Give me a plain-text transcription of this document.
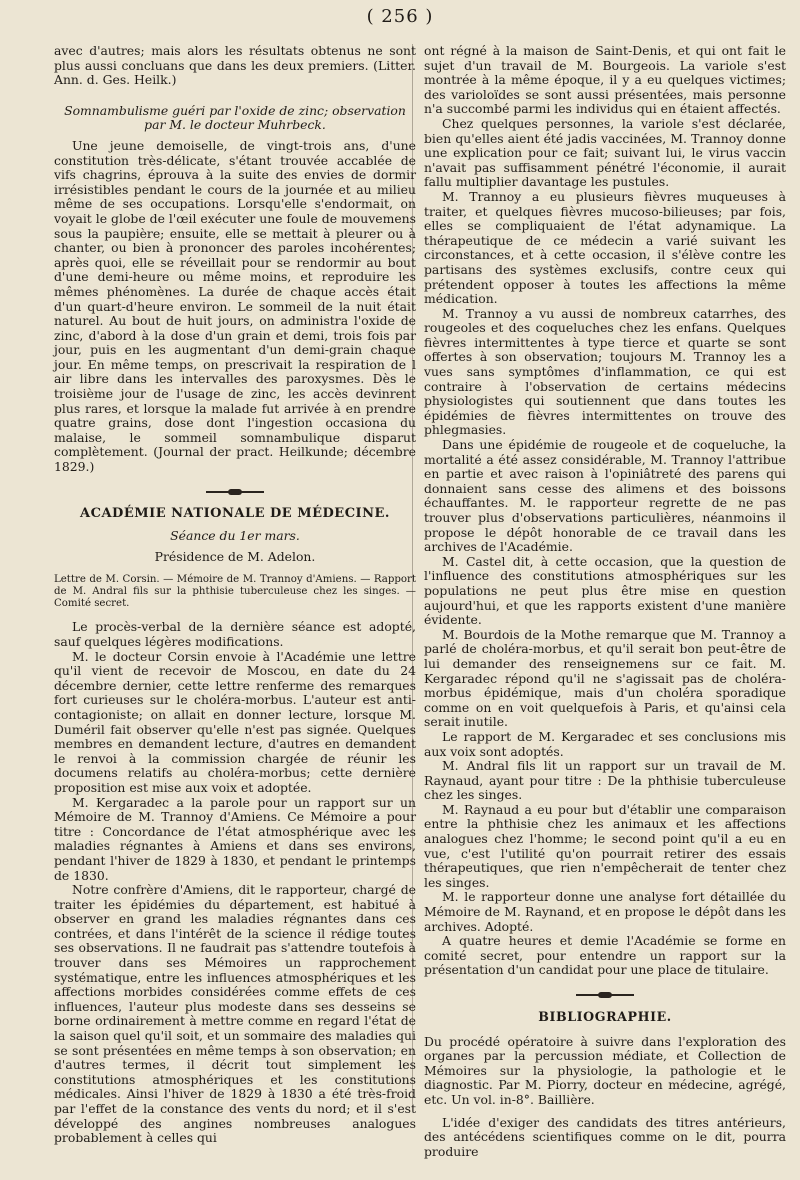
( 256 )

avec d'autres; mais alors les résultats obtenus ne sont plus aussi concluans que dans les deux premiers. (Litter. Ann. d. Ges. Heilk.)

Somnambulisme guéri par l'oxide de zinc; observation par M. le docteur Muhrbeck.

Une jeune demoiselle, de vingt-trois ans, d'une constitution très-délicate, s'étant trouvée accablée de vifs chagrins, éprouva à la suite des envies de dormir irrésistibles pendant le cours de la journée et au milieu même de ses occupations. Lorsqu'elle s'endormait, on voyait le globe de l'œil exécuter une foule de mouvemens sous la paupière; ensuite, elle se mettait à pleurer ou à chanter, ou bien à prononcer des paroles incohérentes; après quoi, elle se réveillait pour se rendormir au bout d'une demi-heure ou même moins, et reproduire les mêmes phénomènes. La durée de chaque accès était d'un quart-d'heure environ. Le sommeil de la nuit était naturel. Au bout de huit jours, on administra l'oxide de zinc, d'abord à la dose d'un grain et demi, trois fois par jour, puis en les augmentant d'un demi-grain chaque jour. En même temps, on prescrivait la respiration de l air libre dans les intervalles des paroxysmes. Dès le troisième jour de l'usage de zinc, les accès devinrent plus rares, et lorsque la malade fut arrivée à en prendre quatre grains, dose dont l'ingestion occasiona du malaise, le sommeil somnambulique disparut complètement. (Journal der pract. Heilkunde; décembre 1829.)

ACADÉMIE NATIONALE DE MÉDECINE.

Séance du 1er mars.

Présidence de M. Adelon.

Lettre de M. Corsin. — Mémoire de M. Trannoy d'Amiens. — Rapport de M. Andral fils sur la phthisie tuberculeuse chez les singes. — Comité secret.

Le procès-verbal de la dernière séance est adopté, sauf quelques légères modifications.

M. le docteur Corsin envoie à l'Académie une lettre qu'il vient de recevoir de Moscou, en date du 24 décembre dernier, cette lettre renferme des remarques fort curieuses sur le choléra-morbus. L'auteur est anti-contagioniste; on allait en donner lecture, lorsque M. Duméril fait observer qu'elle n'est pas signée. Quelques membres en demandent lecture, d'autres en demandent le renvoi à la commission chargée de réunir les documens relatifs au choléra-morbus; cette dernière proposition est mise aux voix et adoptée.

M. Kergaradec a la parole pour un rapport sur un Mémoire de M. Trannoy d'Amiens. Ce Mémoire a pour titre : Concordance de l'état atmosphérique avec les maladies régnantes à Amiens et dans ses environs, pendant l'hiver de 1829 à 1830, et pendant le printemps de 1830.

Notre confrère d'Amiens, dit le rapporteur, chargé de traiter les épidémies du département, est habitué à observer en grand les maladies régnantes dans ces contrées, et dans l'intérêt de la science il rédige toutes ses observations. Il ne faudrait pas s'attendre toutefois à trouver dans ses Mémoires un rapprochement systématique, entre les influences atmosphériques et les affections morbides considérées comme effets de ces influences, l'auteur plus modeste dans ses desseins se borne ordinairement à mettre comme en regard l'état de la saison quel qu'il soit, et un sommaire des maladies qui se sont présentées en même temps à son observation; en d'autres termes, il décrit tout simplement les constitutions atmosphériques et les constitutions médicales. Ainsi l'hiver de 1829 à 1830 a été très-froid par l'effet de la constance des vents du nord; et il s'est développé des angines nombreuses analogues probablement à celles qui

ont régné à la maison de Saint-Denis, et qui ont fait le sujet d'un travail de M. Bourgeois. La variole s'est montrée à la même époque, il y a eu quelques victimes; des varioloïdes se sont aussi présentées, mais personne n'a succombé parmi les individus qui en étaient affectés.

Chez quelques personnes, la variole s'est déclarée, bien qu'elles aient été jadis vaccinées, M. Trannoy donne une explication pour ce fait; suivant lui, le virus vaccin n'avait pas suffisamment pénétré l'économie, il aurait fallu multiplier davantage les pustules.

M. Trannoy a eu plusieurs fièvres muqueuses à traiter, et quelques fièvres mucoso-bilieuses; par fois, elles se compliquaient de l'état adynamique. La thérapeutique de ce médecin a varié suivant les circonstances, et à cette occasion, il s'élève contre les partisans des systèmes exclusifs, contre ceux qui prétendent opposer à toutes les affections la même médication.

M. Trannoy a vu aussi de nombreux catarrhes, des rougeoles et des coqueluches chez les enfans. Quelques fièvres intermittentes à type tierce et quarte se sont offertes à son observation; toujours M. Trannoy les a vues sans symptômes d'inflammation, ce qui est contraire à l'observation de certains médecins physiologistes qui soutiennent que dans toutes les épidémies de fièvres intermittentes on trouve des phlegmasies.

Dans une épidémie de rougeole et de coqueluche, la mortalité a été assez considérable, M. Trannoy l'attribue en partie et avec raison à l'opiniâtreté des parens qui donnaient sans cesse des alimens et des boissons échauffantes. M. le rapporteur regrette de ne pas trouver plus d'observations particulières, néanmoins il propose le dépôt honorable de ce travail dans les archives de l'Académie.

M. Castel dit, à cette occasion, que la question de l'influence des constitutions atmosphériques sur les populations ne peut plus être mise en question aujourd'hui, et que les rapports existent d'une manière évidente.

M. Bourdois de la Mothe remarque que M. Trannoy a parlé de choléra-morbus, et qu'il serait bon peut-être de lui demander des renseignemens sur ce fait. M. Kergaradec répond qu'il ne s'agissait pas de choléra-morbus épidémique, mais d'un choléra sporadique comme on en voit quelquefois à Paris, et qu'ainsi cela serait inutile.

Le rapport de M. Kergaradec et ses conclusions mis aux voix sont adoptés.

M. Andral fils lit un rapport sur un travail de M. Raynaud, ayant pour titre : De la phthisie tuberculeuse chez les singes.

M. Raynaud a eu pour but d'établir une comparaison entre la phthisie chez les animaux et les affections analogues chez l'homme; le second point qu'il a eu en vue, c'est l'utilité qu'on pourrait retirer des essais thérapeutiques, que rien n'empêcherait de tenter chez les singes.

M. le rapporteur donne une analyse fort détaillée du Mémoire de M. Raynand, et en propose le dépôt dans les archives. Adopté.

A quatre heures et demie l'Académie se forme en comité secret, pour entendre un rapport sur la présentation d'un candidat pour une place de titulaire.

BIBLIOGRAPHIE.

Du procédé opératoire à suivre dans l'exploration des organes par la percussion médiate, et Collection de Mémoires sur la physiologie, la pathologie et le diagnostic. Par M. Piorry, docteur en médecine, agrégé, etc. Un vol. in-8°. Baillière.

L'idée d'exiger des candidats des titres antérieurs, des antécédens scientifiques comme on le dit, pourra produire
